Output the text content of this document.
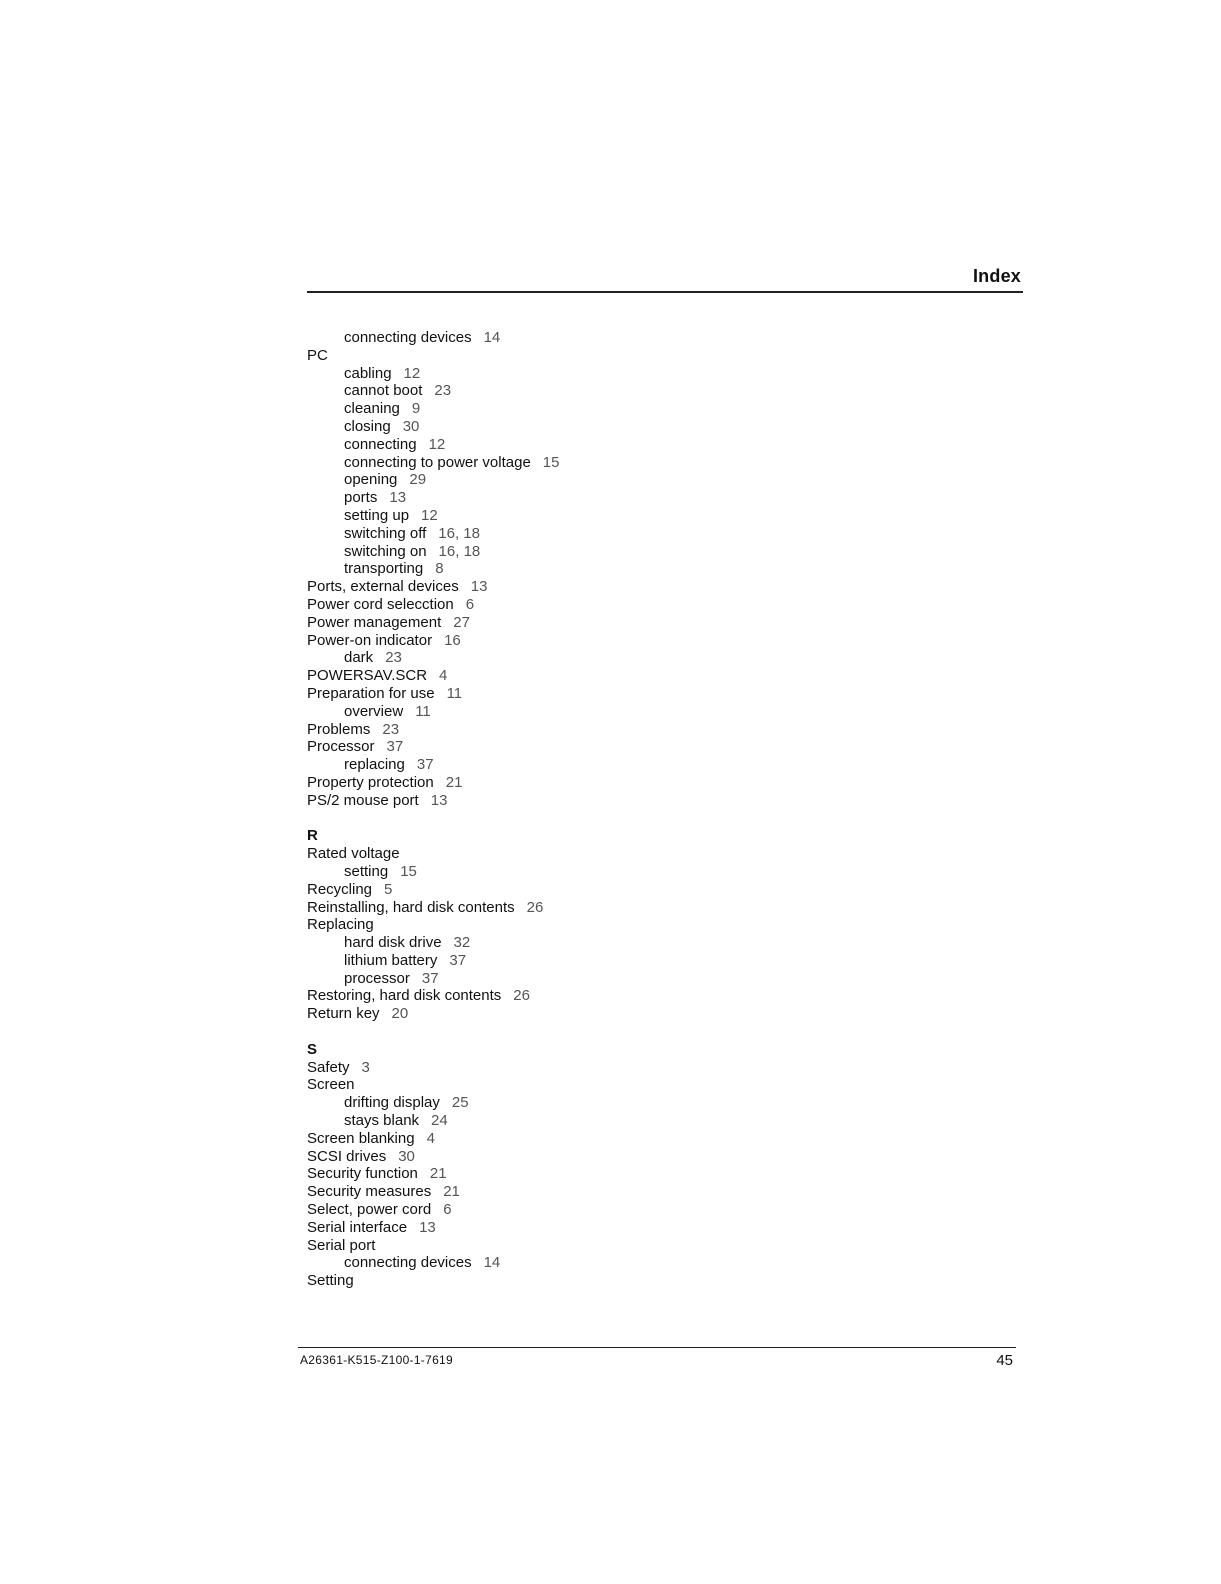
Index
connecting devices 14
PC
cabling 12
cannot boot 23
cleaning 9
closing 30
connecting 12
connecting to power voltage 15
opening 29
ports 13
setting up 12
switching off 16, 18
switching on 16, 18
transporting 8
Ports, external devices 13
Power cord selecction 6
Power management 27
Power-on indicator 16
dark 23
POWERSAV.SCR 4
Preparation for use 11
overview 11
Problems 23
Processor 37
replacing 37
Property protection 21
PS/2 mouse port 13
R
Rated voltage
setting 15
Recycling 5
Reinstalling, hard disk contents 26
Replacing
hard disk drive 32
lithium battery 37
processor 37
Restoring, hard disk contents 26
Return key 20
S
Safety 3
Screen
drifting display 25
stays blank 24
Screen blanking 4
SCSI drives 30
Security function 21
Security measures 21
Select, power cord 6
Serial interface 13
Serial port
connecting devices 14
Setting
A26361-K515-Z100-1-7619	45
